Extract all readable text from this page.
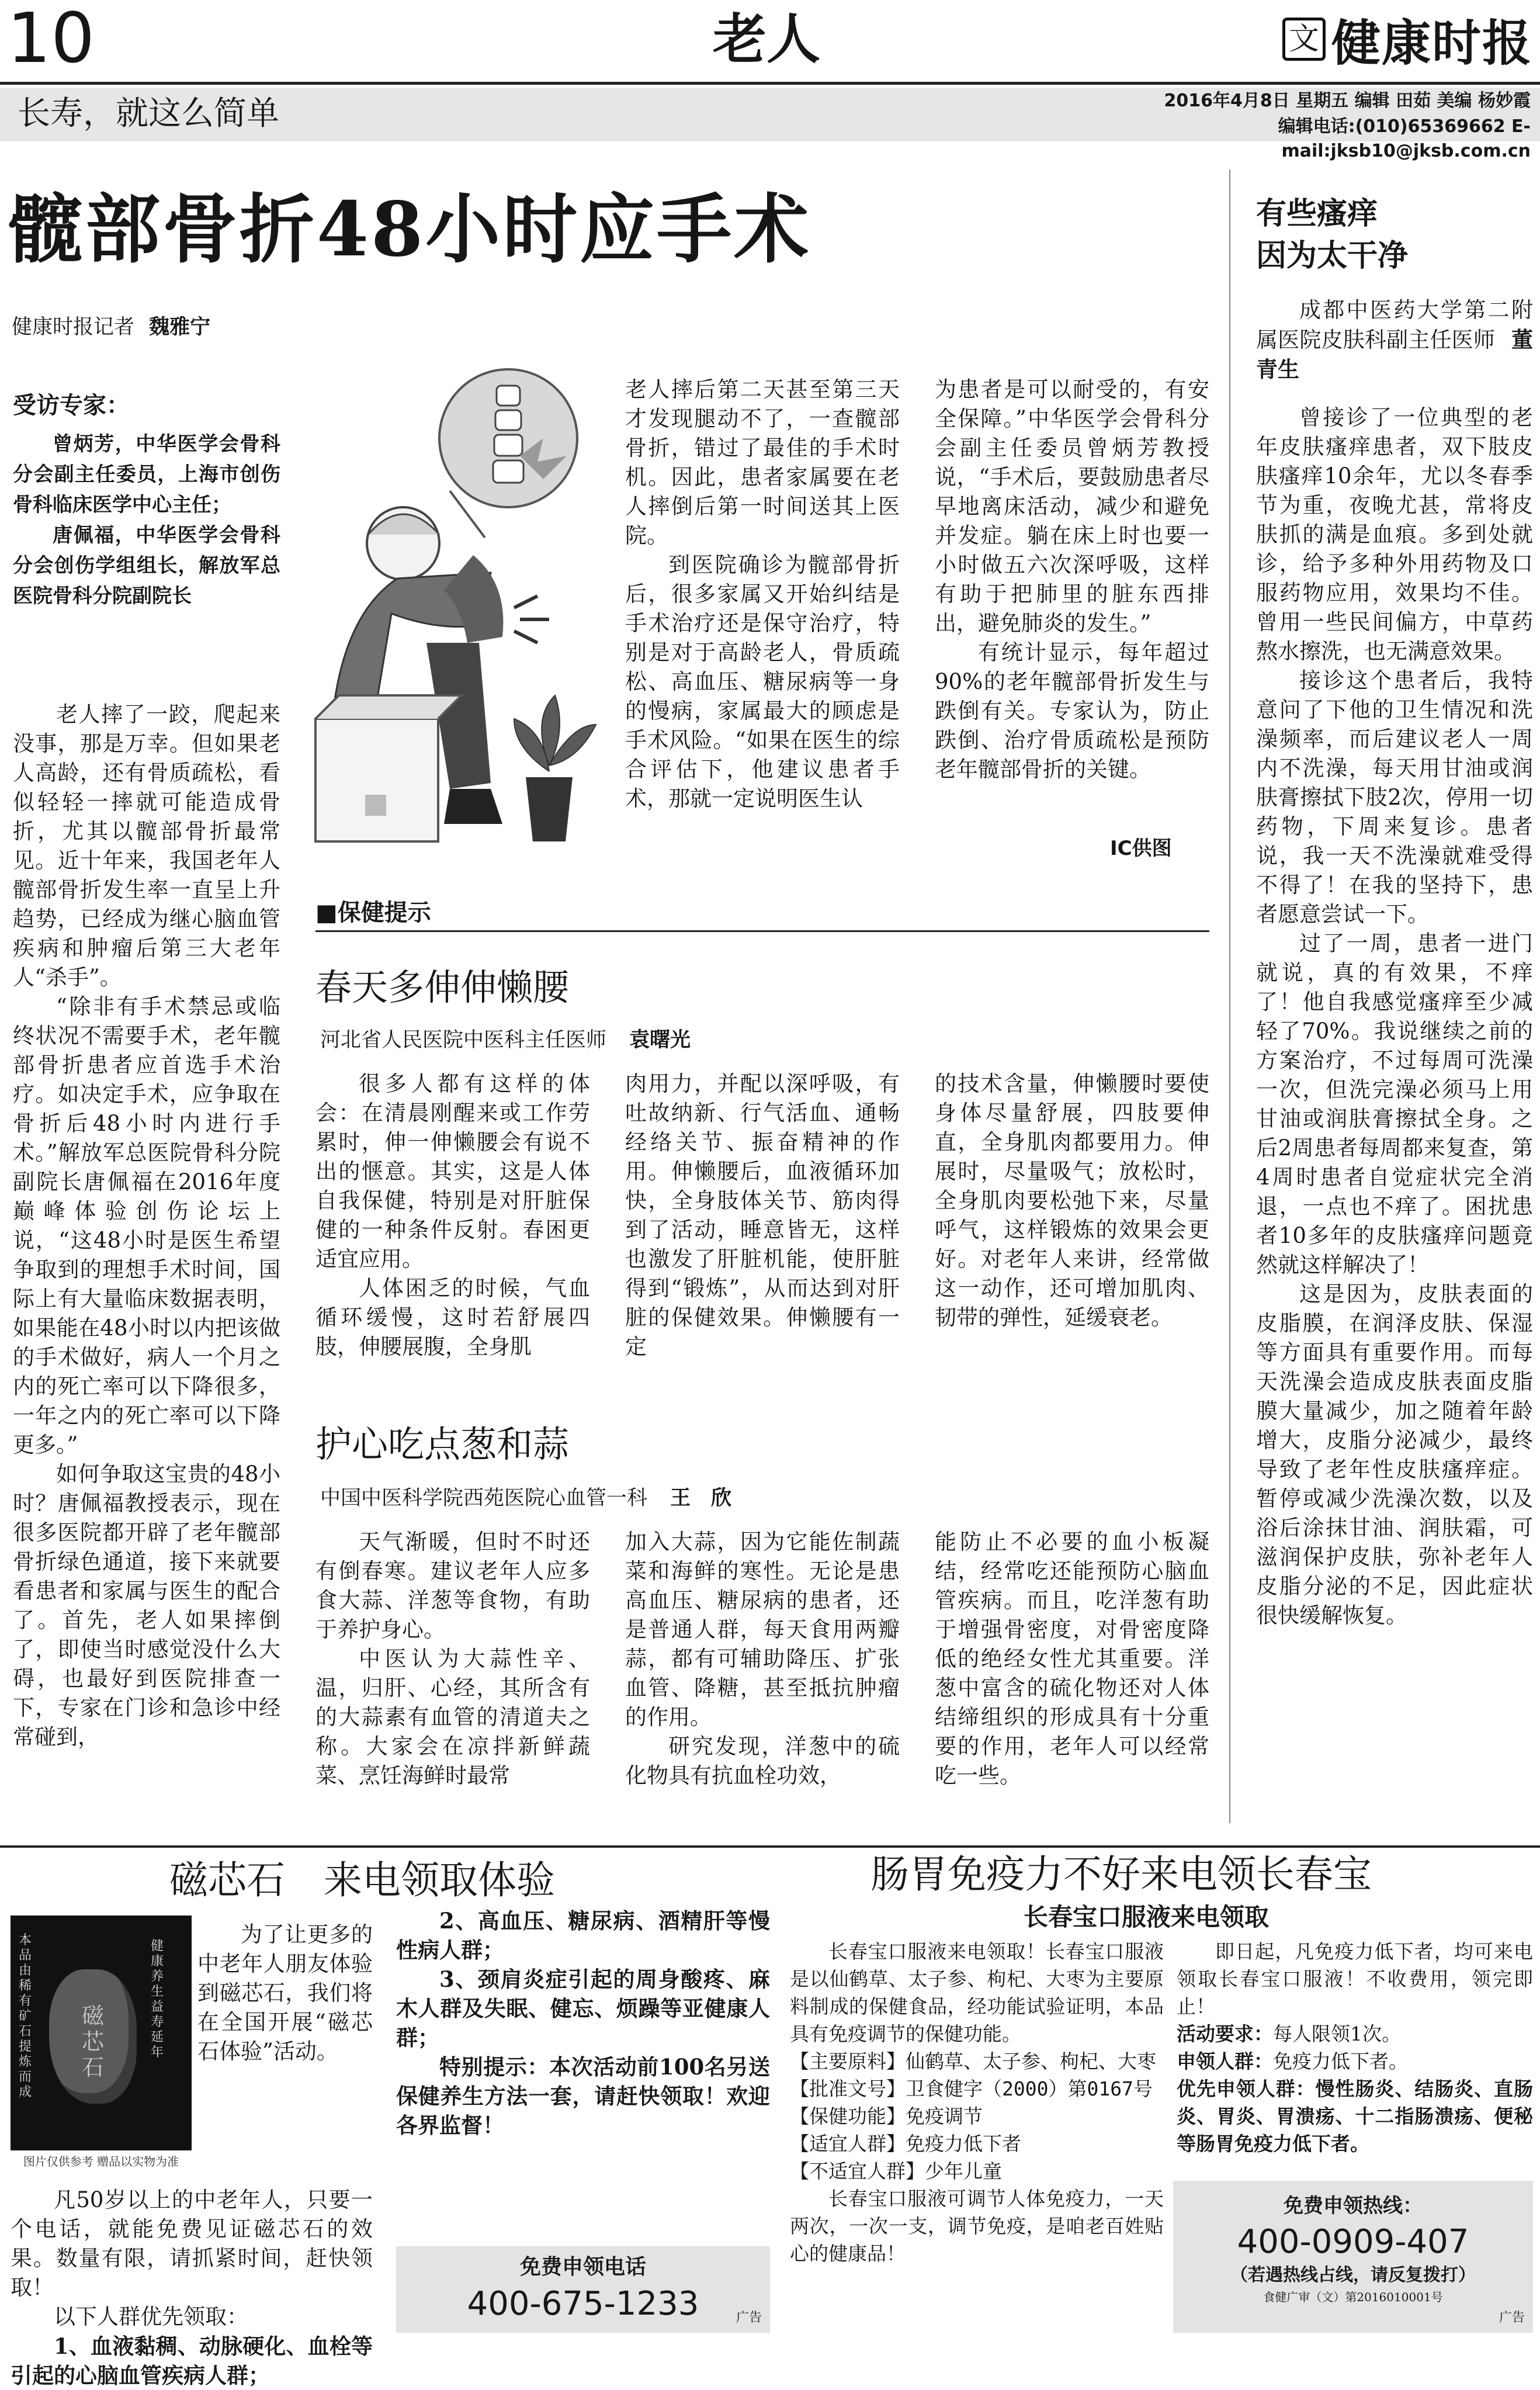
10	老人	文 健康时报
长寿，就这么简单	2016年4月8日 星期五 编辑 田茹 美编 杨妙霞
编辑电话:(010)65369662 E-mail:jksb10@jksb.com.cn
髋部骨折48小时应手术
健康时报记者 魏雅宁
受访专家：

曾炳芳，中华医学会骨科分会副主任委员，上海市创伤骨科临床医学中心主任；

唐佩福，中华医学会骨科分会创伤学组组长，解放军总医院骨科分院副院长

老人摔了一跤，爬起来没事，那是万幸。但如果老人高龄，还有骨质疏松，看似轻轻一摔就可能造成骨折，尤其以髋部骨折最常见。近十年来，我国老年人髋部骨折发生率一直呈上升趋势，已经成为继心脑血管疾病和肿瘤后第三大老年人“杀手”。

“除非有手术禁忌或临终状况不需要手术，老年髋部骨折患者应首选手术治疗。如决定手术，应争取在骨折后48小时内进行手术。”解放军总医院骨科分院副院长唐佩福在2016年度巅峰体验创伤论坛上说，“这48小时是医生希望争取到的理想手术时间，国际上有大量临床数据表明，如果能在48小时以内把该做的手术做好，病人一个月之内的死亡率可以下降很多，一年之内的死亡率可以下降更多。”

如何争取这宝贵的48小时？唐佩福教授表示，现在很多医院都开辟了老年髋部骨折绿色通道，接下来就要看患者和家属与医生的配合了。首先，老人如果摔倒了，即使当时感觉没什么大碍，也最好到医院排查一下，专家在门诊和急诊中经常碰到，

老人摔后第二天甚至第三天才发现腿动不了，一查髋部骨折，错过了最佳的手术时机。因此，患者家属要在老人摔倒后第一时间送其上医院。

到医院确诊为髋部骨折后，很多家属又开始纠结是手术治疗还是保守治疗，特别是对于高龄老人，骨质疏松、高血压、糖尿病等一身的慢病，家属最大的顾虑是手术风险。“如果在医生的综合评估下，他建议患者手术，那就一定说明医生认

为患者是可以耐受的，有安全保障。”中华医学会骨科分会副主任委员曾炳芳教授说，“手术后，要鼓励患者尽早地离床活动，减少和避免并发症。躺在床上时也要一小时做五六次深呼吸，这样有助于把肺里的脏东西排出，避免肺炎的发生。”

有统计显示，每年超过90%的老年髋部骨折发生与跌倒有关。专家认为，防止跌倒、治疗骨质疏松是预防老年髋部骨折的关键。

IC供图
■保健提示
春天多伸伸懒腰
河北省人民医院中医科主任医师 袁曙光

很多人都有这样的体会：在清晨刚醒来或工作劳累时，伸一伸懒腰会有说不出的惬意。其实，这是人体自我保健，特别是对肝脏保健的一种条件反射。春困更适宜应用。

人体困乏的时候，气血循环缓慢，这时若舒展四肢，伸腰展腹，全身肌

肉用力，并配以深呼吸，有吐故纳新、行气活血、通畅经络关节、振奋精神的作用。伸懒腰后，血液循环加快，全身肢体关节、筋肉得到了活动，睡意皆无，这样也激发了肝脏机能，使肝脏得到“锻炼”，从而达到对肝脏的保健效果。伸懒腰有一定

的技术含量，伸懒腰时要使身体尽量舒展，四肢要伸直，全身肌肉都要用力。伸展时，尽量吸气；放松时，全身肌肉要松弛下来，尽量呼气，这样锻炼的效果会更好。对老年人来讲，经常做这一动作，还可增加肌肉、韧带的弹性，延缓衰老。

护心吃点葱和蒜
中国中医科学院西苑医院心血管一科 王　欣

天气渐暖，但时不时还有倒春寒。建议老年人应多食大蒜、洋葱等食物，有助于养护身心。

中医认为大蒜性辛、温，归肝、心经，其所含有的大蒜素有血管的清道夫之称。大家会在凉拌新鲜蔬菜、烹饪海鲜时最常

加入大蒜，因为它能佐制蔬菜和海鲜的寒性。无论是患高血压、糖尿病的患者，还是普通人群，每天食用两瓣蒜，都有可辅助降压、扩张血管、降糖，甚至抵抗肿瘤的作用。

研究发现，洋葱中的硫化物具有抗血栓功效，

能防止不必要的血小板凝结，经常吃还能预防心脑血管疾病。而且，吃洋葱有助于增强骨密度，对骨密度降低的绝经女性尤其重要。洋葱中富含的硫化物还对人体结缔组织的形成具有十分重要的作用，老年人可以经常吃一些。

有些瘙痒
因为太干净
成都中医药大学第二附属医院皮肤科副主任医师 董青生

曾接诊了一位典型的老年皮肤瘙痒患者，双下肢皮肤瘙痒10余年，尤以冬春季节为重，夜晚尤甚，常将皮肤抓的满是血痕。多到处就诊，给予多种外用药物及口服药物应用，效果均不佳。曾用一些民间偏方，中草药熬水擦洗，也无满意效果。

接诊这个患者后，我特意问了下他的卫生情况和洗澡频率，而后建议老人一周内不洗澡，每天用甘油或润肤膏擦拭下肢2次，停用一切药物，下周来复诊。患者说，我一天不洗澡就难受得不得了！在我的坚持下，患者愿意尝试一下。

过了一周，患者一进门就说，真的有效果，不痒了！他自我感觉瘙痒至少减轻了70%。我说继续之前的方案治疗，不过每周可洗澡一次，但洗完澡必须马上用甘油或润肤膏擦拭全身。之后2周患者每周都来复查，第4周时患者自觉症状完全消退，一点也不痒了。困扰患者10多年的皮肤瘙痒问题竟然就这样解决了！

这是因为，皮肤表面的皮脂膜，在润泽皮肤、保湿等方面具有重要作用。而每天洗澡会造成皮肤表面皮脂膜大量减少，加之随着年龄增大，皮脂分泌减少，最终导致了老年性皮肤瘙痒症。暂停或减少洗澡次数，以及浴后涂抹甘油、润肤霜，可滋润保护皮肤，弥补老年人皮脂分泌的不足，因此症状很快缓解恢复。

磁芯石　来电领取体验
图片仅供参考 赠品以实物为准
磁芯石
本品由稀有矿石提炼而成
健康养生 益寿延年

为了让更多的中老年人朋友体验到磁芯石，我们将在全国开展“磁芯石体验”活动。

凡50岁以上的中老年人，只要一个电话，就能免费见证磁芯石的效果。数量有限，请抓紧时间，赶快领取！

以下人群优先领取：

1、血液黏稠、动脉硬化、血栓等引起的心脑血管疾病人群；

2、高血压、糖尿病、酒精肝等慢性病人群；

3、颈肩炎症引起的周身酸疼、麻木人群及失眠、健忘、烦躁等亚健康人群；

特别提示：本次活动前100名另送保健养生方法一套，请赶快领取！欢迎各界监督！

免费申领电话
400-675-1233	广告
肠胃免疫力不好来电领长春宝
长春宝口服液来电领取

长春宝口服液来电领取！长春宝口服液是以仙鹤草、太子参、枸杞、大枣为主要原料制成的保健食品，经功能试验证明，本品具有免疫调节的保健功能。

【主要原料】仙鹤草、太子参、枸杞、大枣

【批准文号】卫食健字（2000）第0167号

【保健功能】免疫调节

【适宜人群】免疫力低下者

【不适宜人群】少年儿童

长春宝口服液可调节人体免疫力，一天两次，一次一支，调节免疫，是咱老百姓贴心的健康品！

即日起，凡免疫力低下者，均可来电领取长春宝口服液！不收费用，领完即止！

活动要求：每人限领1次。

申领人群：免疫力低下者。

优先申领人群：慢性肠炎、结肠炎、直肠炎、胃炎、胃溃疡、十二指肠溃疡、便秘等肠胃免疫力低下者。

免费申领热线：
400-0909-407
（若遇热线占线，请反复拨打）
食健广审（文）第2016010001号
广告
